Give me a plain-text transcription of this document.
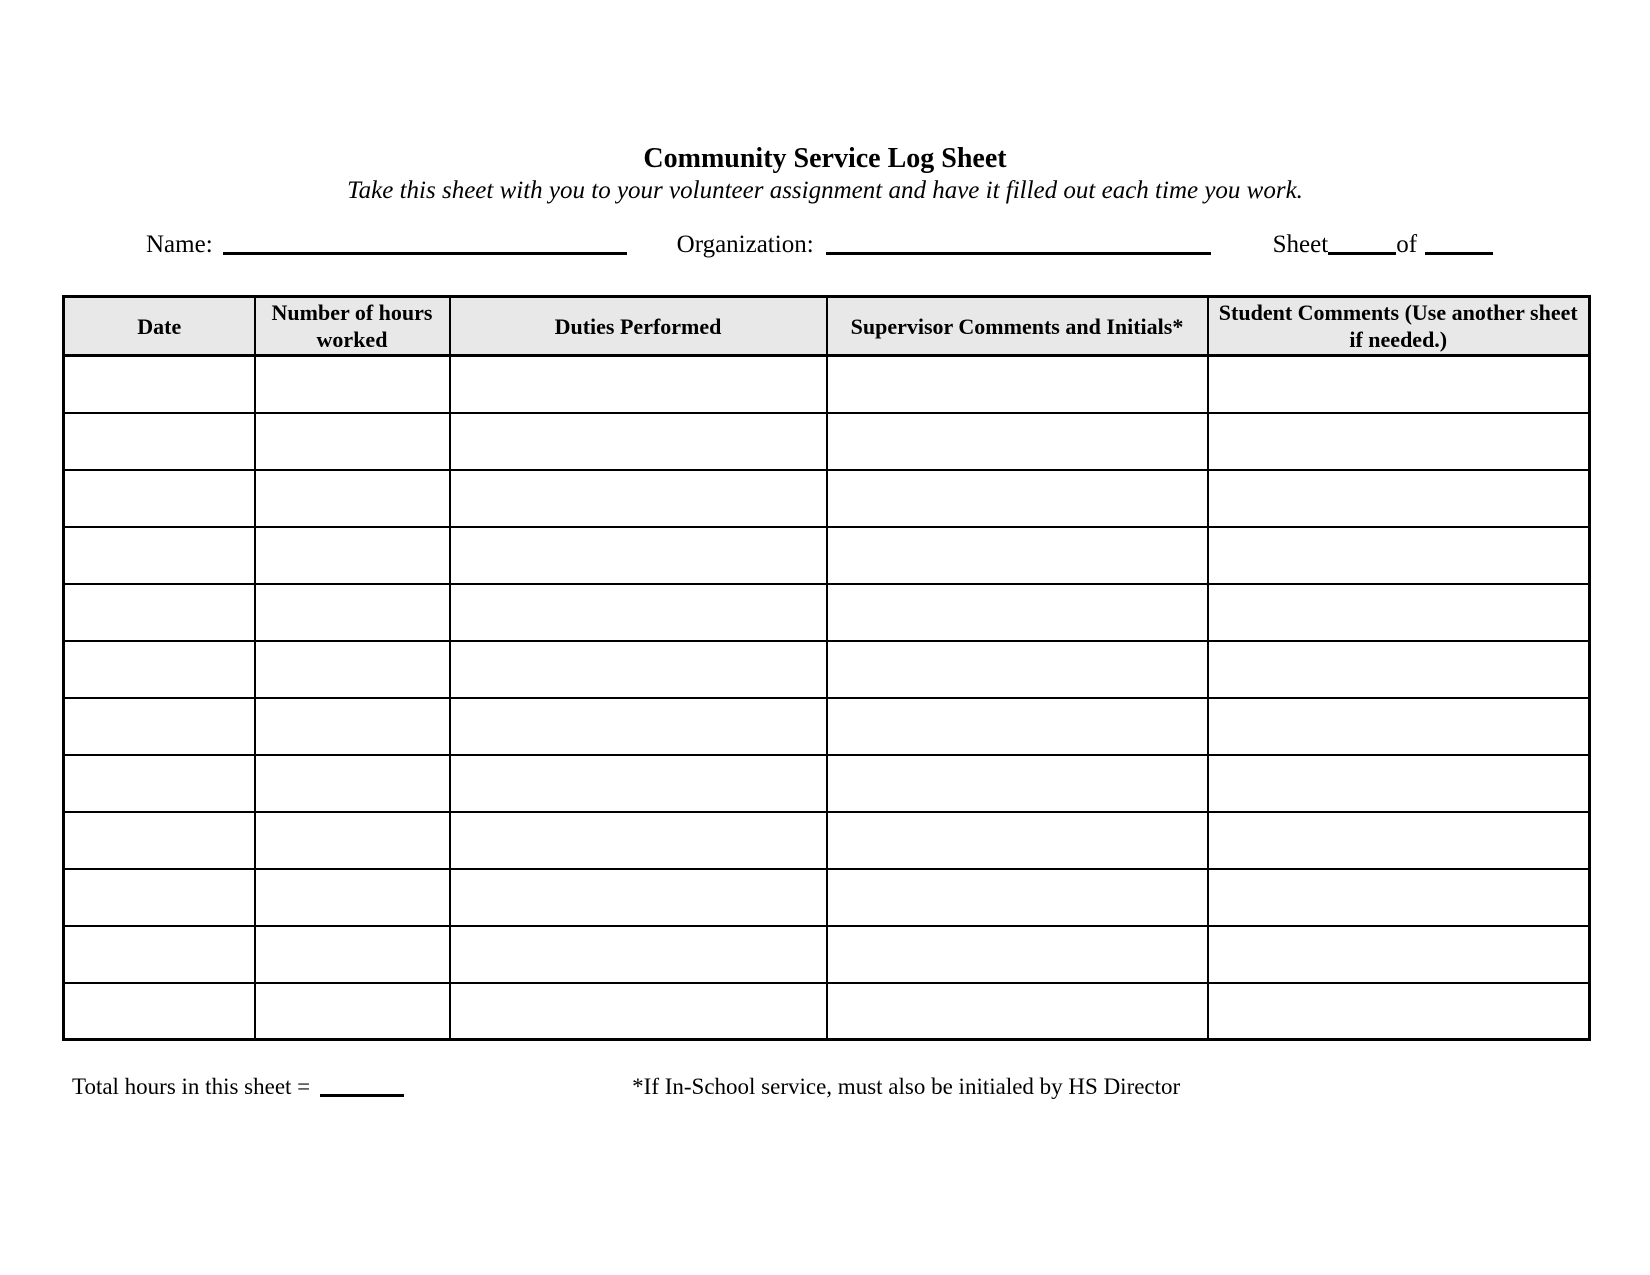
Community Service Log Sheet

Take this sheet with you to your volunteer assignment and have it filled out each time you work.

Name:	Organization:	Sheet	of
Date	Number of hours worked	Duties Performed	Supervisor Comments and Initials*	Student Comments (Use another sheet if needed.)

Total hours in this sheet =	*If In-School service, must also be initialed by HS Director
